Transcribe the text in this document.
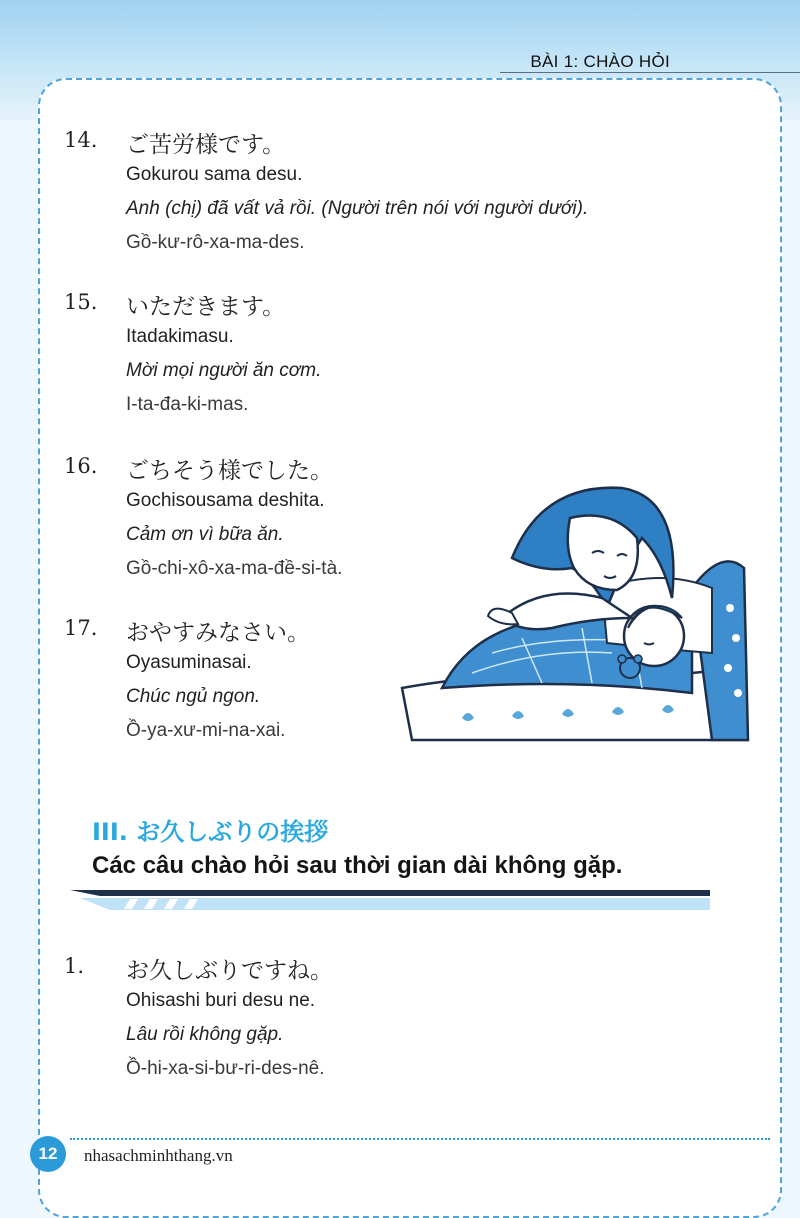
BÀI 1: CHÀO HỎI
14. ご苦労様です。
Gokurou sama desu.
Anh (chị) đã vất vả rồi. (Người trên nói với người dưới).
Gồ-kư-rô-xa-ma-des.
15. いただきます。
Itadakimasu.
Mời mọi người ăn cơm.
I-ta-đa-ki-mas.
16. ごちそう様でした。
Gochisousama deshita.
Cảm ơn vì bữa ăn.
Gồ-chi-xô-xa-ma-đề-si-tà.
17. おやすみなさい。
Oyasuminasai.
Chúc ngủ ngon.
Ồ-ya-xư-mi-na-xai.
III. お久しぶりの挨拶
Các câu chào hỏi sau thời gian dài không gặp.
1. お久しぶりですね。
Ohisashi buri desu ne.
Lâu rồi không gặp.
Ồ-hi-xa-si-bư-ri-des-nê.
12	nhasachminhthang.vn
